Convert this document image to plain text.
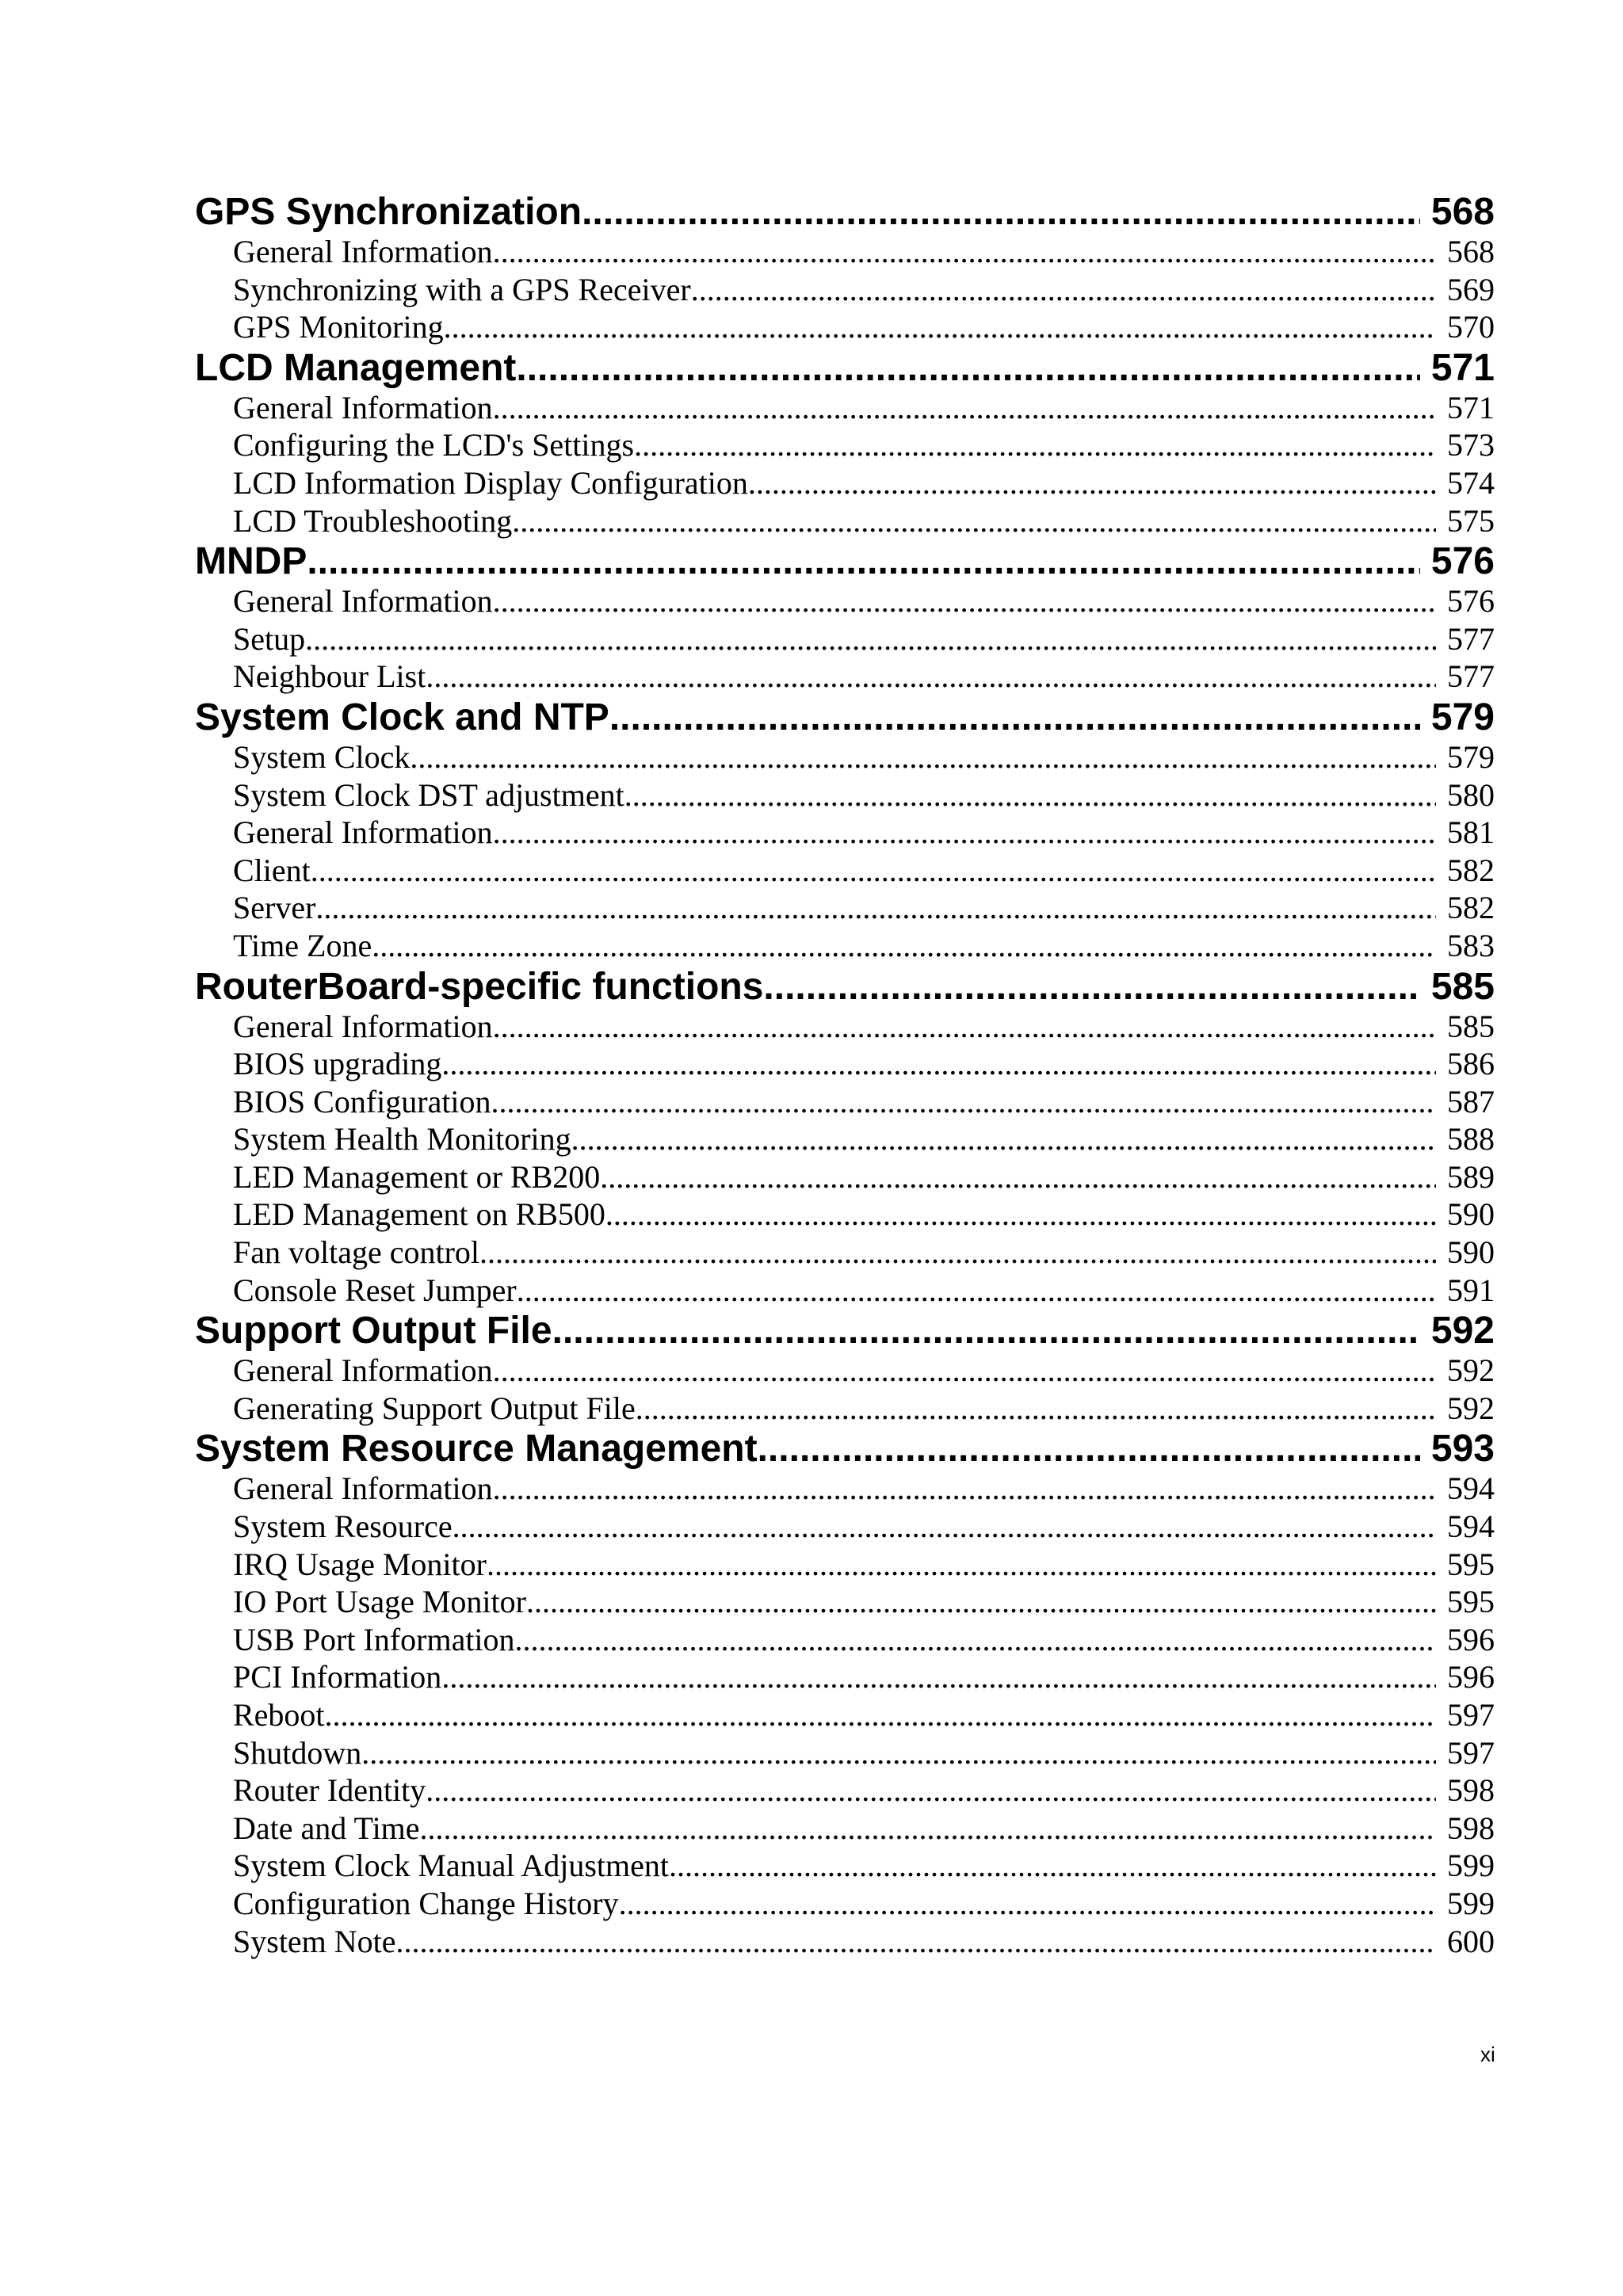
GPS Synchronization .....	568
General Information .....	568
Synchronizing with a GPS Receiver .....	569
GPS Monitoring .....	570
LCD Management .....	571
General Information .....	571
Configuring the LCD's Settings .....	573
LCD Information Display Configuration .....	574
LCD Troubleshooting .....	575
MNDP .....	576
General Information .....	576
Setup .....	577
Neighbour List .....	577
System Clock and NTP .....	579
System Clock .....	579
System Clock DST adjustment .....	580
General Information .....	581
Client .....	582
Server .....	582
Time Zone .....	583
RouterBoard-specific functions .....	585
General Information .....	585
BIOS upgrading .....	586
BIOS Configuration .....	587
System Health Monitoring .....	588
LED Management or RB200 .....	589
LED Management on RB500 .....	590
Fan voltage control .....	590
Console Reset Jumper .....	591
Support Output File .....	592
General Information .....	592
Generating Support Output File .....	592
System Resource Management .....	593
General Information .....	594
System Resource .....	594
IRQ Usage Monitor .....	595
IO Port Usage Monitor .....	595
USB Port Information .....	596
PCI Information .....	596
Reboot .....	597
Shutdown .....	597
Router Identity .....	598
Date and Time .....	598
System Clock Manual Adjustment .....	599
Configuration Change History .....	599
System Note .....	600
xi
